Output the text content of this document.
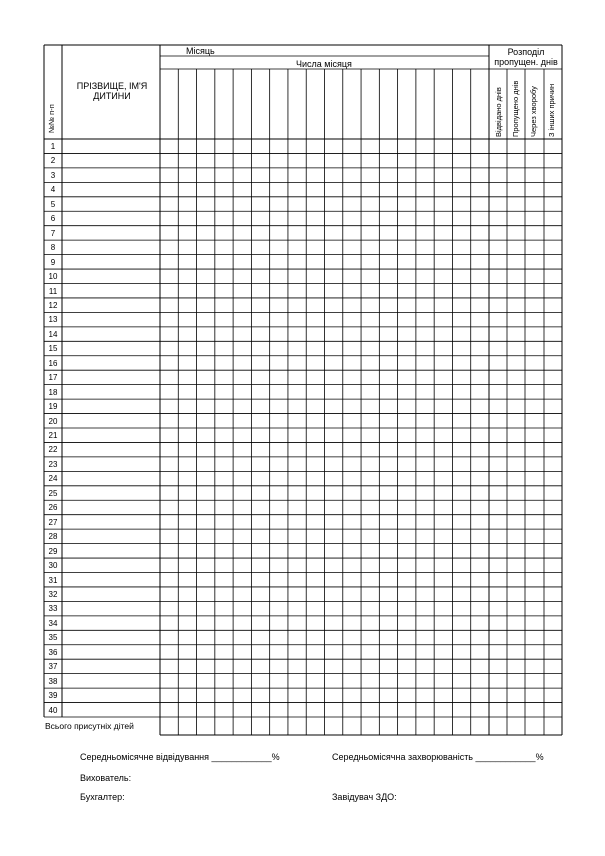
№№ п-п
ПРІЗВИЩЕ, ІМ'Я ДИТИНИ
Місяць
Числа місяця
Розподіл пропущен. днів
Відвідано днів Пропущено днів Через хворобу З інших причин
1
2
3
4
5
6
7
8
9
10
11
12
13
14
15
16
17
18
19
20
21
22
23
24
25
26
27
28
29
30
31
32
33
34
35
36
37
38
39
40
Всього присутніх дітей
Середньомісячне відвідування ____________%	Середньомісячна захворюваність ____________%
Вихователь:
Бухгалтер:	Завідувач ЗДО:
